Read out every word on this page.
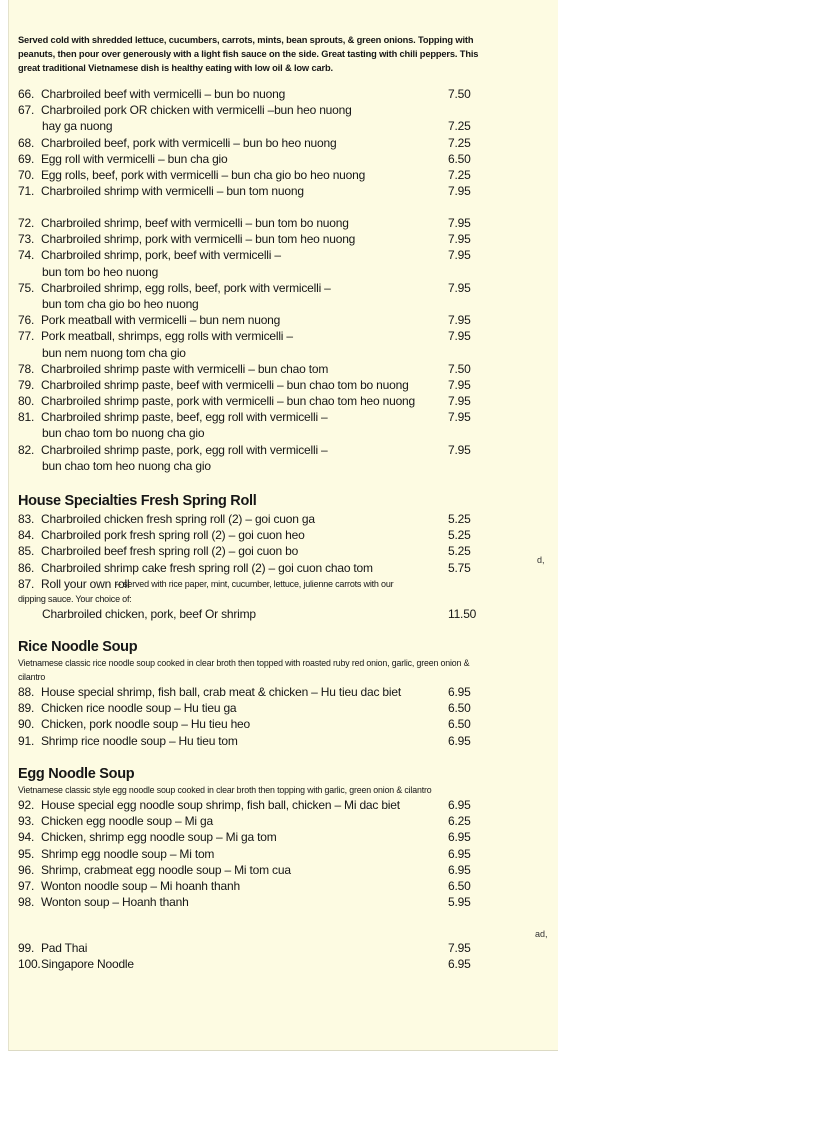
Served cold with shredded lettuce, cucumbers, carrots, mints, bean sprouts, & green onions. Topping with peanuts, then pour over generously with a light fish sauce on the side. Great tasting with chili peppers. This great traditional Vietnamese dish is healthy eating with low oil & low carb.
66. Charbroiled beef with vermicelli – bun bo nuong	7.50
67. Charbroiled pork OR chicken with vermicelli –bun heo nuong
hay ga nuong	7.25
68. Charbroiled beef, pork with vermicelli – bun bo heo nuong	7.25
69. Egg roll with vermicelli – bun cha gio	6.50
70. Egg rolls, beef, pork with vermicelli – bun cha gio bo heo nuong	7.25
71. Charbroiled shrimp with vermicelli – bun tom nuong	7.95
72. Charbroiled shrimp, beef with vermicelli – bun tom bo nuong	7.95
73. Charbroiled shrimp, pork with vermicelli – bun tom heo nuong	7.95
74. Charbroiled shrimp, pork, beef with vermicelli –	7.95
bun tom bo heo nuong
75. Charbroiled shrimp, egg rolls, beef, pork with vermicelli –	7.95
bun tom cha gio bo heo nuong
76. Pork meatball with vermicelli – bun nem nuong	7.95
77. Pork meatball, shrimps, egg rolls with vermicelli –	7.95
bun nem nuong tom cha gio
78. Charbroiled shrimp paste with vermicelli – bun chao tom	7.50
79. Charbroiled shrimp paste, beef with vermicelli – bun chao tom bo nuong	7.95
80. Charbroiled shrimp paste, pork with vermicelli – bun chao tom heo nuong	7.95
81. Charbroiled shrimp paste, beef, egg roll with vermicelli –	7.95
bun chao tom bo nuong cha gio
82. Charbroiled shrimp paste, pork, egg roll with vermicelli –	7.95
bun chao tom heo nuong cha gio
House Specialties Fresh Spring Roll
83. Charbroiled chicken fresh spring roll (2) – goi cuon ga	5.25
84. Charbroiled pork fresh spring roll (2) – goi cuon heo	5.25
85. Charbroiled beef fresh spring roll (2) – goi cuon bo	5.25
86. Charbroiled shrimp cake fresh spring roll (2) – goi cuon chao tom	5.75
87. Roll your own roll
– served with rice paper, mint, cucumber, lettuce, julienne carrots with our
dipping sauce. Your choice of:
Charbroiled chicken, pork, beef Or shrimp	11.50
Rice Noodle Soup
Vietnamese classic rice noodle soup cooked in clear broth then topped with roasted ruby red onion, garlic, green onion & cilantro
88. House special shrimp, fish ball, crab meat & chicken – Hu tieu dac biet	6.95
89. Chicken rice noodle soup – Hu tieu ga	6.50
90. Chicken, pork noodle soup – Hu tieu heo	6.50
91. Shrimp rice noodle soup – Hu tieu tom	6.95
Egg Noodle Soup
Vietnamese classic style egg noodle soup cooked in clear broth then topping with garlic, green onion & cilantro
92. House special egg noodle soup shrimp, fish ball, chicken – Mi dac biet	6.95
93. Chicken egg noodle soup – Mi ga	6.25
94. Chicken, shrimp egg noodle soup – Mi ga tom	6.95
95. Shrimp egg noodle soup – Mi tom	6.95
96. Shrimp, crabmeat egg noodle soup – Mi tom cua	6.95
97. Wonton noodle soup – Mi hoanh thanh	6.50
98. Wonton soup – Hoanh thanh	5.95
99. Pad Thai	7.95
100. Singapore Noodle	6.95
d,
ad,
